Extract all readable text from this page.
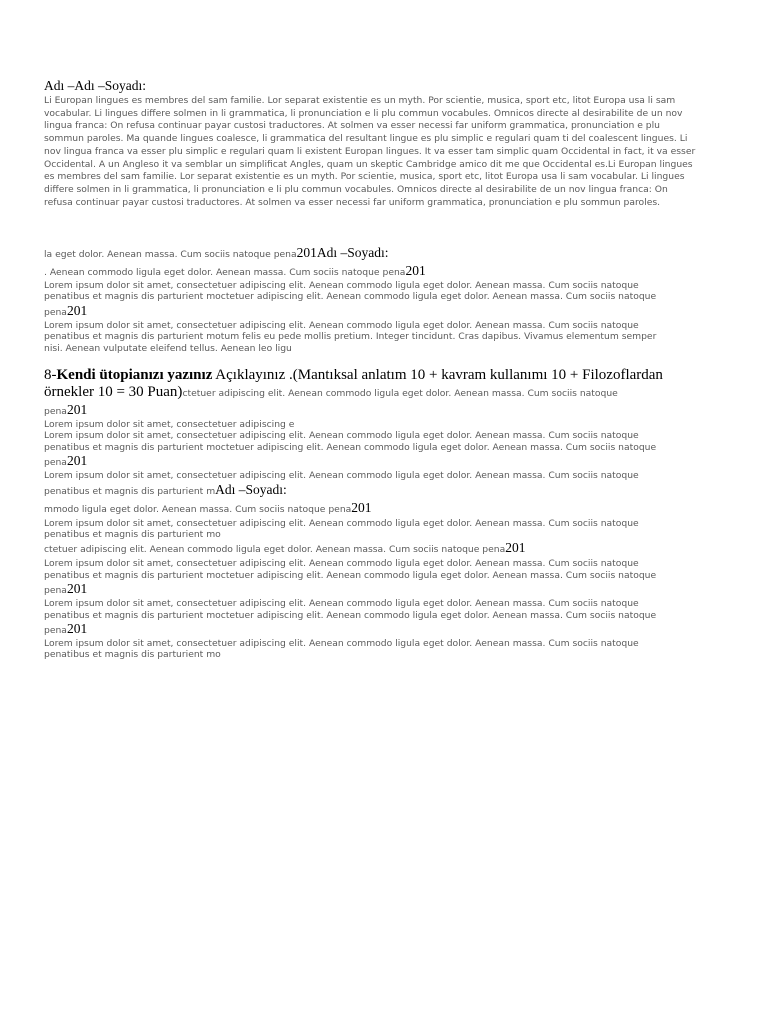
Adı –Adı –Soyadı:

Li Europan lingues es membres del sam familie. Lor separat existentie es un myth. Por scientie, musica, sport etc, litot Europa usa li sam vocabular. Li lingues differe solmen in li grammatica, li pronunciation e li plu commun vocabules. Omnicos directe al desirabilite de un nov lingua franca: On refusa continuar payar custosi traductores. At solmen va esser necessi far uniform grammatica, pronunciation e plu sommun paroles. Ma quande lingues coalesce, li grammatica del resultant lingue es plu simplic e regulari quam ti del coalescent lingues. Li nov lingua franca va esser plu simplic e regulari quam li existent Europan lingues. It va esser tam simplic quam Occidental in fact, it va esser Occidental. A un Angleso it va semblar un simplificat Angles, quam un skeptic Cambridge amico dit me que Occidental es.Li Europan lingues es membres del sam familie. Lor separat existentie es un myth. Por scientie, musica, sport etc, litot Europa usa li sam vocabular. Li lingues differe solmen in li grammatica, li pronunciation e li plu commun vocabules. Omnicos directe al desirabilite de un nov lingua franca: On refusa continuar payar custosi traductores. At solmen va esser necessi far uniform grammatica, pronunciation e plu sommun paroles.

la eget dolor. Aenean massa. Cum sociis natoque pena201Adı –Soyadı:
. Aenean commodo ligula eget dolor. Aenean massa. Cum sociis natoque pena201
Lorem ipsum dolor sit amet, consectetuer adipiscing elit. Aenean commodo ligula eget dolor. Aenean massa. Cum sociis natoque
penatibus et magnis dis parturient moctetuer adipiscing elit. Aenean commodo ligula eget dolor. Aenean massa. Cum sociis natoque
pena201
Lorem ipsum dolor sit amet, consectetuer adipiscing elit. Aenean commodo ligula eget dolor. Aenean massa. Cum sociis natoque
penatibus et magnis dis parturient motum felis eu pede mollis pretium. Integer tincidunt. Cras dapibus. Vivamus elementum semper
nisi. Aenean vulputate eleifend tellus. Aenean leo ligu
8-Kendi ütopianızı yazınız Açıklayınız .(Mantıksal anlatım 10 + kavram kullanımı 10 + Filozoflardan
örnekler 10 = 30 Puan)ctetuer adipiscing elit. Aenean commodo ligula eget dolor. Aenean massa. Cum sociis natoque
pena201
Lorem ipsum dolor sit amet, consectetuer adipiscing e
Lorem ipsum dolor sit amet, consectetuer adipiscing elit. Aenean commodo ligula eget dolor. Aenean massa. Cum sociis natoque
penatibus et magnis dis parturient moctetuer adipiscing elit. Aenean commodo ligula eget dolor. Aenean massa. Cum sociis natoque
pena201
Lorem ipsum dolor sit amet, consectetuer adipiscing elit. Aenean commodo ligula eget dolor. Aenean massa. Cum sociis natoque
penatibus et magnis dis parturient mAdı –Soyadı:
mmodo ligula eget dolor. Aenean massa. Cum sociis natoque pena201
Lorem ipsum dolor sit amet, consectetuer adipiscing elit. Aenean commodo ligula eget dolor. Aenean massa. Cum sociis natoque
penatibus et magnis dis parturient mo
ctetuer adipiscing elit. Aenean commodo ligula eget dolor. Aenean massa. Cum sociis natoque pena201
Lorem ipsum dolor sit amet, consectetuer adipiscing elit. Aenean commodo ligula eget dolor. Aenean massa. Cum sociis natoque
penatibus et magnis dis parturient moctetuer adipiscing elit. Aenean commodo ligula eget dolor. Aenean massa. Cum sociis natoque
pena201
Lorem ipsum dolor sit amet, consectetuer adipiscing elit. Aenean commodo ligula eget dolor. Aenean massa. Cum sociis natoque
penatibus et magnis dis parturient moctetuer adipiscing elit. Aenean commodo ligula eget dolor. Aenean massa. Cum sociis natoque
pena201
Lorem ipsum dolor sit amet, consectetuer adipiscing elit. Aenean commodo ligula eget dolor. Aenean massa. Cum sociis natoque
penatibus et magnis dis parturient mo
